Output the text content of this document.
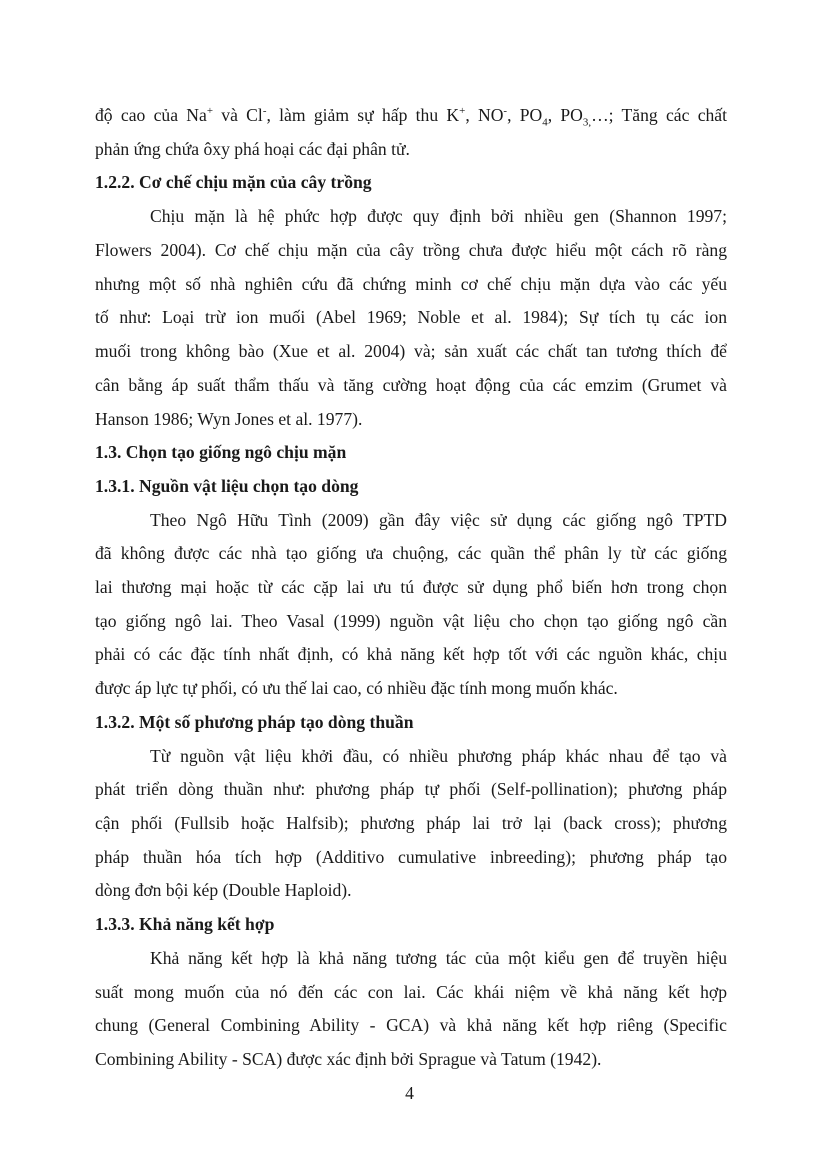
độ cao của Na+ và Cl-, làm giảm sự hấp thu K+, NO-, $PO_4$, $PO_{3,}\dots$; Tăng các chất
phản ứng chứa ôxy phá hoại các đại phân tử.
1.2.2. Cơ chế chịu mặn của cây trồng
Chịu mặn là hệ phức hợp được quy định bởi nhiều gen (Shannon 1997;
Flowers 2004). Cơ chế chịu mặn của cây trồng chưa được hiểu một cách rõ ràng
nhưng một số nhà nghiên cứu đã chứng minh cơ chế chịu mặn dựa vào các yếu
tố như: Loại trừ ion muối (Abel 1969; Noble et al. 1984); Sự tích tụ các ion
muối trong không bào (Xue et al. 2004) và; sản xuất các chất tan tương thích để
cân bằng áp suất thẩm thấu và tăng cường hoạt động của các emzim (Grumet và
Hanson 1986; Wyn Jones et al. 1977).
1.3. Chọn tạo giống ngô chịu mặn
1.3.1. Nguồn vật liệu chọn tạo dòng
Theo Ngô Hữu Tình (2009) gần đây việc sử dụng các giống ngô TPTD
đã không được các nhà tạo giống ưa chuộng, các quần thể phân ly từ các giống
lai thương mại hoặc từ các cặp lai ưu tú được sử dụng phổ biến hơn trong chọn
tạo giống ngô lai. Theo Vasal (1999) nguồn vật liệu cho chọn tạo giống ngô cần
phải có các đặc tính nhất định, có khả năng kết hợp tốt với các nguồn khác, chịu
được áp lực tự phối, có ưu thế lai cao, có nhiều đặc tính mong muốn khác.
1.3.2. Một số phương pháp tạo dòng thuần
Từ nguồn vật liệu khởi đầu, có nhiều phương pháp khác nhau để tạo và
phát triển dòng thuần như: phương pháp tự phối (Self-pollination); phương pháp
cận phối (Fullsib hoặc Halfsib); phương pháp lai trở lại (back cross); phương
pháp thuần hóa tích hợp (Additivo cumulative inbreeding); phương pháp tạo
dòng đơn bội kép (Double Haploid).
1.3.3. Khả năng kết hợp
Khả năng kết hợp là khả năng tương tác của một kiểu gen để truyền hiệu
suất mong muốn của nó đến các con lai. Các khái niệm về khả năng kết hợp
chung (General Combining Ability - GCA) và khả năng kết hợp riêng (Specific
Combining Ability - SCA) được xác định bởi Sprague và Tatum (1942).
4
